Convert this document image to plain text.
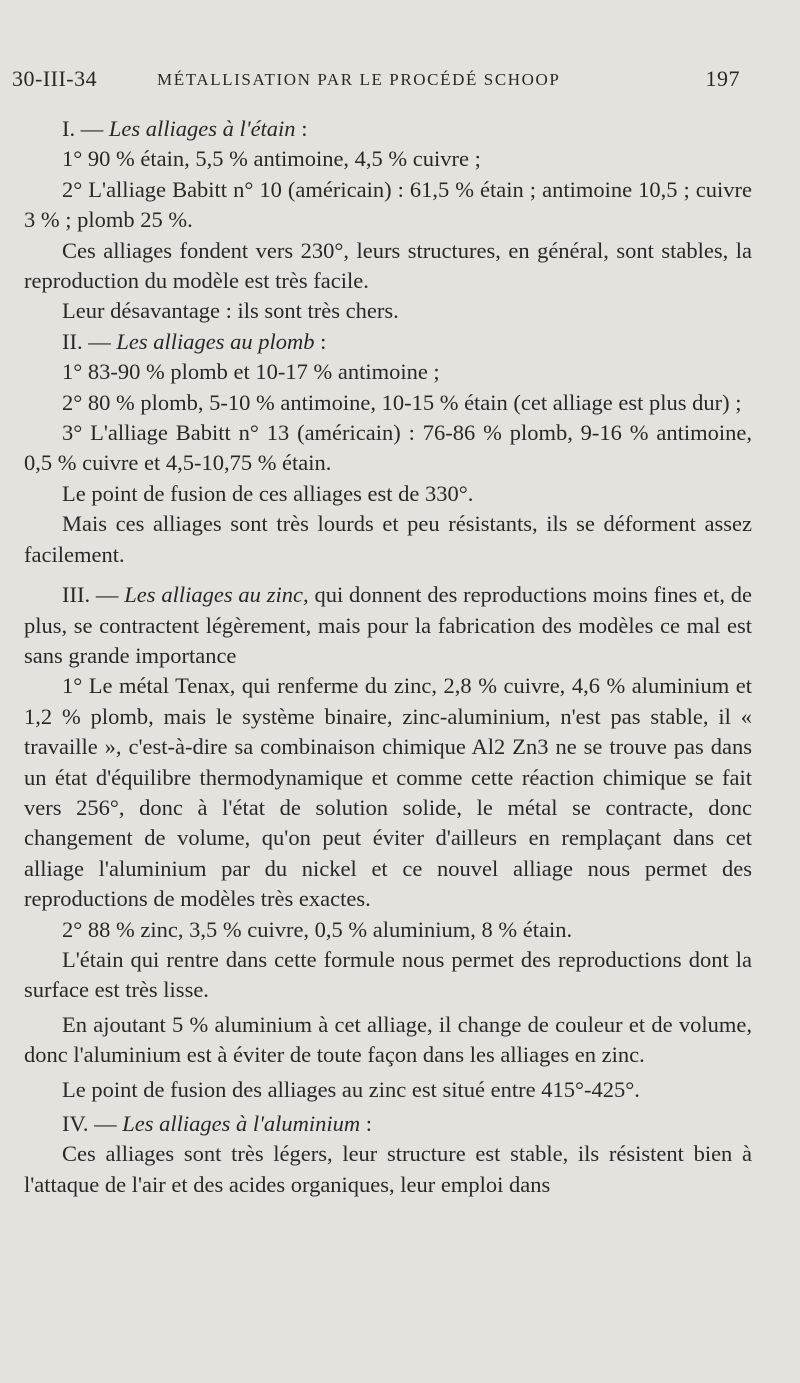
30-III-34	MÉTALLISATION PAR LE PROCÉDÉ SCHOOP	197

I. — Les alliages à l'étain :

1° 90 % étain, 5,5 % antimoine, 4,5 % cuivre ;

2° L'alliage Babitt n° 10 (américain) : 61,5 % étain ; antimoine 10,5 ; cuivre 3 % ; plomb 25 %.

Ces alliages fondent vers 230°, leurs structures, en général, sont stables, la reproduction du modèle est très facile.

Leur désavantage : ils sont très chers.

II. — Les alliages au plomb :

1° 83-90 % plomb et 10-17 % antimoine ;

2° 80 % plomb, 5-10 % antimoine, 10-15 % étain (cet alliage est plus dur) ;

3° L'alliage Babitt n° 13 (américain) : 76-86 % plomb, 9-16 % antimoine, 0,5 % cuivre et 4,5-10,75 % étain.

Le point de fusion de ces alliages est de 330°.

Mais ces alliages sont très lourds et peu résistants, ils se déforment assez facilement.

III. — Les alliages au zinc, qui donnent des reproductions moins fines et, de plus, se contractent légèrement, mais pour la fabrication des modèles ce mal est sans grande importance

1° Le métal Tenax, qui renferme du zinc, 2,8 % cuivre, 4,6 % aluminium et 1,2 % plomb, mais le système binaire, zinc-aluminium, n'est pas stable, il « travaille », c'est-à-dire sa combinaison chimique Al2 Zn3 ne se trouve pas dans un état d'équilibre thermodynamique et comme cette réaction chimique se fait vers 256°, donc à l'état de solution solide, le métal se contracte, donc changement de volume, qu'on peut éviter d'ailleurs en remplaçant dans cet alliage l'aluminium par du nickel et ce nouvel alliage nous permet des reproductions de modèles très exactes.

2° 88 % zinc, 3,5 % cuivre, 0,5 % aluminium, 8 % étain.

L'étain qui rentre dans cette formule nous permet des reproductions dont la surface est très lisse.

En ajoutant 5 % aluminium à cet alliage, il change de couleur et de volume, donc l'aluminium est à éviter de toute façon dans les alliages en zinc.

Le point de fusion des alliages au zinc est situé entre 415°-425°.

IV. — Les alliages à l'aluminium :

Ces alliages sont très légers, leur structure est stable, ils résistent bien à l'attaque de l'air et des acides organiques, leur emploi dans
